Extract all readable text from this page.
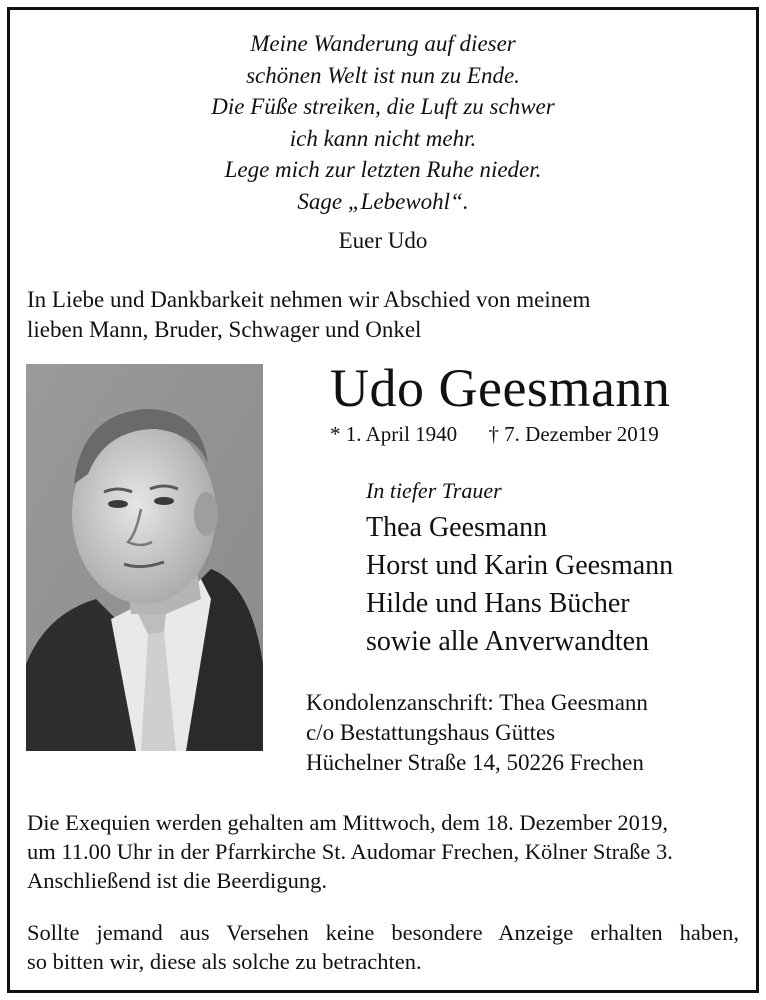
Meine Wanderung auf dieser
schönen Welt ist nun zu Ende.
Die Füße streiken, die Luft zu schwer
ich kann nicht mehr.
Lege mich zur letzten Ruhe nieder.
Sage „Lebewohl“.
Euer Udo
In Liebe und Dankbarkeit nehmen wir Abschied von meinem
lieben Mann, Bruder, Schwager und Onkel
Udo Geesmann
* 1. April 1940 † 7. Dezember 2019
In tiefer Trauer
Thea Geesmann
Horst und Karin Geesmann
Hilde und Hans Bücher
sowie alle Anverwandten
Kondolenzanschrift: Thea Geesmann
c/o Bestattungshaus Güttes
Hüchelner Straße 14, 50226 Frechen
Die Exequien werden gehalten am Mittwoch, dem 18. Dezember 2019,
um 11.00 Uhr in der Pfarrkirche St. Audomar Frechen, Kölner Straße 3.
Anschließend ist die Beerdigung.
Sollte jemand aus Versehen keine besondere Anzeige erhalten haben,
so bitten wir, diese als solche zu betrachten.
